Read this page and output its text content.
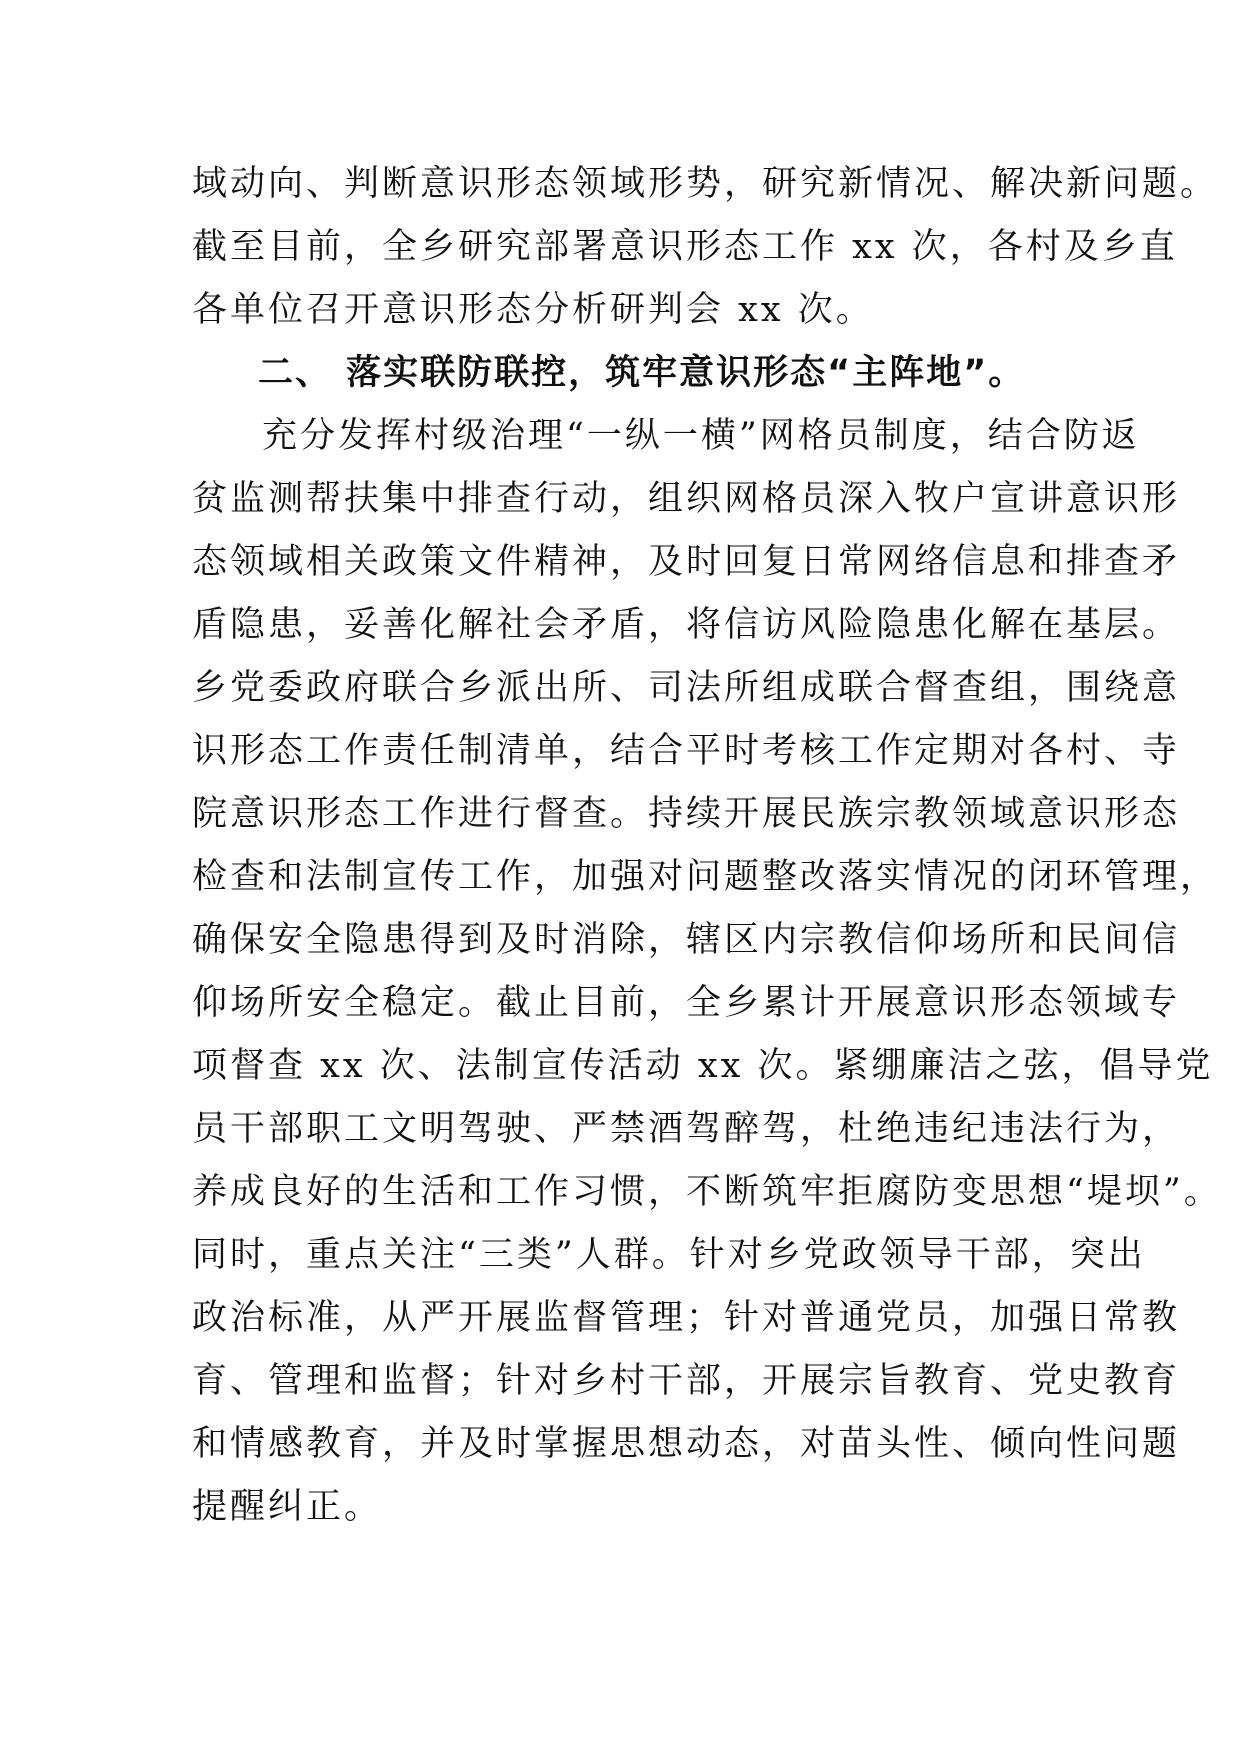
域动向、判断意识形态领域形势，研究新情况、解决新问题。
截至目前，全乡研究部署意识形态工作 xx 次，各村及乡直
各单位召开意识形态分析研判会 xx 次。
二、 落实联防联控，筑牢意识形态“主阵地”。
充分发挥村级治理“一纵一横”网格员制度，结合防返
贫监测帮扶集中排查行动，组织网格员深入牧户宣讲意识形
态领域相关政策文件精神，及时回复日常网络信息和排查矛
盾隐患，妥善化解社会矛盾，将信访风险隐患化解在基层。
乡党委政府联合乡派出所、司法所组成联合督查组，围绕意
识形态工作责任制清单，结合平时考核工作定期对各村、寺
院意识形态工作进行督查。持续开展民族宗教领域意识形态
检查和法制宣传工作，加强对问题整改落实情况的闭环管理，
确保安全隐患得到及时消除，辖区内宗教信仰场所和民间信
仰场所安全稳定。截止目前，全乡累计开展意识形态领域专
项督查 xx 次、法制宣传活动 xx 次。紧绷廉洁之弦，倡导党
员干部职工文明驾驶、严禁酒驾醉驾，杜绝违纪违法行为，
养成良好的生活和工作习惯，不断筑牢拒腐防变思想“堤坝”。
同时，重点关注“三类”人群。针对乡党政领导干部，突出
政治标准，从严开展监督管理；针对普通党员，加强日常教
育、管理和监督；针对乡村干部，开展宗旨教育、党史教育
和情感教育，并及时掌握思想动态，对苗头性、倾向性问题
提醒纠正。
